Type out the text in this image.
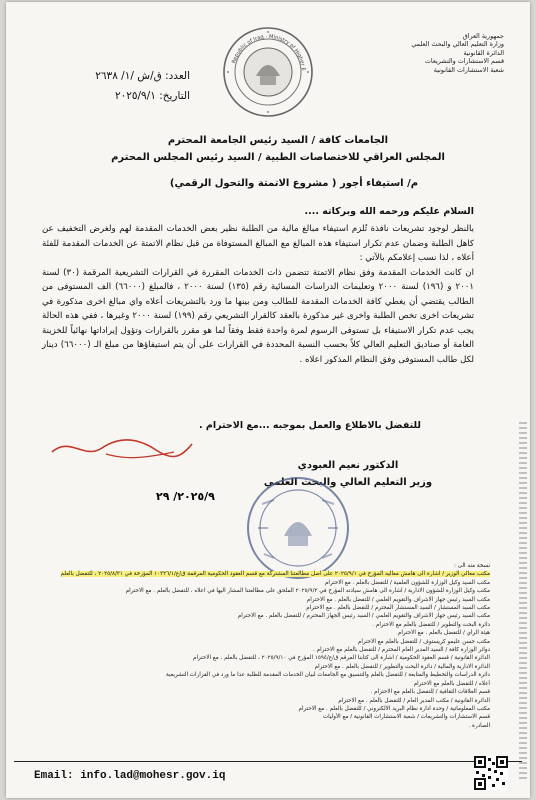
جمهورية العراق
وزارة التعليم العالي والبحث العلمي
الدائرة القانونية
قسم الاستشارات والتشريعات
شعبة الاستشارات القانونية
Republic of Iraq · Ministry of Higher E
العدد: ق/ش /١/ ٢٦٣٨
التاريخ: ٢٠٢٥/٩/١
الجامعات كافة / السيد رئيس الجامعة المحترم
المجلس العراقي للاختصاصات الطبية / السيد رئيس المجلس المحترم
م/ استيفاء أجور ( مشروع الاتمتة والتحول الرقمي)
السلام عليكم ورحمه الله وبركاته ....

بالنظر لوجود تشريعات نافذة تُلزم استيفاء مبالغ مالية من الطلبة نظير بعض الخدمات المقدمة لهم ولغرض التخفيف عن كاهل الطلبة وضمان عدم تكرار استيفاء هذه المبالغ مع المبالغ المستوفاة من قبل نظام الاتمتة عن الخدمات المقدمة للفئة أعلاه ، لذا نسب إعلامكم بالآتي :

ان كانت الخدمات المقدمة وفق نظام الاتمتة تتضمن ذات الخدمات المقررة في القرارات التشريعية المرقمة (٣٠) لسنة ٢٠٠١ و (١٩٦) لسنة ٢٠٠٠ وتعليمات الدراسات المسائية رقم (١٣٥) لسنة ٢٠٠٠ ، فالمبلغ (٦٦٠٠٠) الف المستوفى من الطالب يقتضي أن يغطي كافة الخدمات المقدمة للطالب ومن بينها ما ورد بالتشريعات أعلاه واي مبالغ اخرى مذكورة في تشريعات اخرى تخص الطلبة واخرى غير مذكورة بالعقد كالقرار التشريعي رقم (١٩٩) لسنة ٢٠٠٠ وغيرها ، ففي هذه الحالة يجب عدم تكرار الاستيفاء بل تستوفى الرسوم لمرة واحدة فقط وفقاً لما هو مقرر بالقرارات وتؤول إيراداتها نهائياً للخزينة العامة أو صناديق التعليم العالي كلاً بحسب النسبة المحددة في القرارات على أن يتم استيفاؤها من مبلغ الـ (٦٦٠٠٠) دينار لكل طالب المستوفى وفق النظام المذكور اعلاه .

للتفضل بالاطلاع والعمل بموجبه ...مع الاحترام .
الدكتور نعيم العبودي
وزير التعليم العالي والبحث العلمي
٢٠٢٥/٩/ ٢٩
نسخة منه الى :
مكتب معالي الوزير / اشارة الى هامش معاليه المؤرخ في ٢٠٢٥/٩/١ على اصل مطالعتنا المشتركة مع قسم العقود الحكومية المرقمة ق/ع/١٠٣٢٦/١ المؤرخة في ٢٠٢٥/٨/٣١ ، للتفضل بالعلم
مكتب السيد وكيل الوزارة للشؤون العلمية / للتفضل بالعلم . مع الاحترام
مكتب وكيل الوزارة للشؤون الادارية / اشارة الى هامش سيادته المؤرخ في ٢٠٢٥/٩/٢ الملحق على مطالعتنا المشار اليها في اعلاه ، للتفضل بالعلم . مع الاحترام
مكتب السيد رئيس جهاز الاشراف والتقويم العلمي / للتفضل بالعلم . مع الاحترام
مكتب السيد المستشار / السيد المستشار المحترم / للتفضل بالعلم . مع الاحترام
مكتب السيد رئيس جهاز الاشراف والتقويم العلمي / السيد رئيس الجهاز المحترم / للتفضل بالعلم . مع الاحترام
دائرة البحث والتطوير / للتفضل بالعلم مع الاحترام .
هيئة الرأي / للتفضل بالعلم . مع الاحترام
مكتب حسن عليمو كريستوف / للتفضل بالعلم مع الاحترام
دوائر الوزارة كافة / السيد المدير العام المحترم / للتفضل بالعلم مع الاحترام .
الدائرة القانونية / قسم العقود الحكومية / اشارة الى كتابنا المرقم ق/ع/١٥٩٤ المؤرخ في ٢٠٢٥/٩/١٠ ، للتفضل بالعلم . مع الاحترام
الدائرة الادارية والمالية / دائرة البحث والتطوير / للتفضل بالعلم . مع الاحترام
دائرة الدراسات والتخطيط والمتابعة / للتفضل بالعلم والتنسيق مع الجامعات لبيان الخدمات المقدمة للطلبة عدا ما ورد في القرارات التشريعية
أعلاه / للتفضل بالعلم مع الاحترام
قسم العلاقات الثقافية / للتفضل بالعلم مع الاحترام .
الدائرة القانونية / مكتب المدير العام / للتفضل بالعلم . مع الاحترام
مكتب المعلوماتية / وحدة ادارة نظام البريد الالكتروني / للتفضل بالعلم . مع الاحترام
قسم الاستشارات والتشريعات / شعبة الاستشارات القانونية / مع الأوليات
الصادرة .
Email: info.lad@mohesr.gov.iq
